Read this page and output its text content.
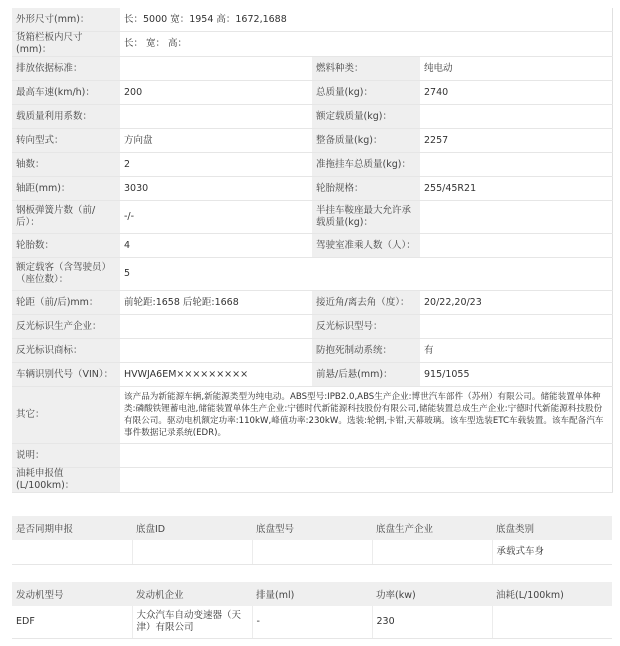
外形尺寸(mm)：	长：5000 宽：1954 高：1672,1688		
货箱栏板内尺寸(mm)：	长： 宽： 高：		
排放依据标准：		燃料种类：	纯电动
最高车速(km/h)：	200	总质量(kg)：	2740
载质量利用系数：		额定载质量(kg)：	
转向型式：	方向盘	整备质量(kg)：	2257
轴数：	2	准拖挂车总质量(kg)：	
轴距(mm)：	3030	轮胎规格：	255/45R21
钢板弹簧片数（前/后）：	-/-	半挂车鞍座最大允许承载质量(kg)：	
轮胎数：	4	驾驶室准乘人数（人）：	
额定载客（含驾驶员）（座位数）：	5		
轮距（前/后)mm：	前轮距:1658 后轮距:1668	接近角/离去角（度）：	20/22,20/23
反光标识生产企业：		反光标识型号：	
反光标识商标：		防抱死制动系统：	有
车辆识别代号（VIN）：	HVWJA6EM×××××××××	前悬/后悬(mm)：	915/1055
其它：	该产品为新能源车辆,新能源类型为纯电动。ABS型号:IPB2.0,ABS生产企业:博世汽车部件（苏州）有限公司。储能装置单体种类:磷酸铁锂蓄电池,储能装置单体生产企业:宁德时代新能源科技股份有限公司,储能装置总成生产企业:宁德时代新能源科技股份有限公司。驱动电机额定功率:110kW,峰值功率:230kW。选装:轮辋,卡钳,天幕玻璃。该车型选装ETC车载装置。该车配备汽车事件数据记录系统(EDR)。		
说明：			
油耗申报值(L/100km)：			
是否同期申报	底盘ID	底盘型号	底盘生产企业	底盘类别
				承载式车身
发动机型号	发动机企业	排量(ml)	功率(kw)	油耗(L/100km)
EDF	大众汽车自动变速器（天津）有限公司	-	230	
